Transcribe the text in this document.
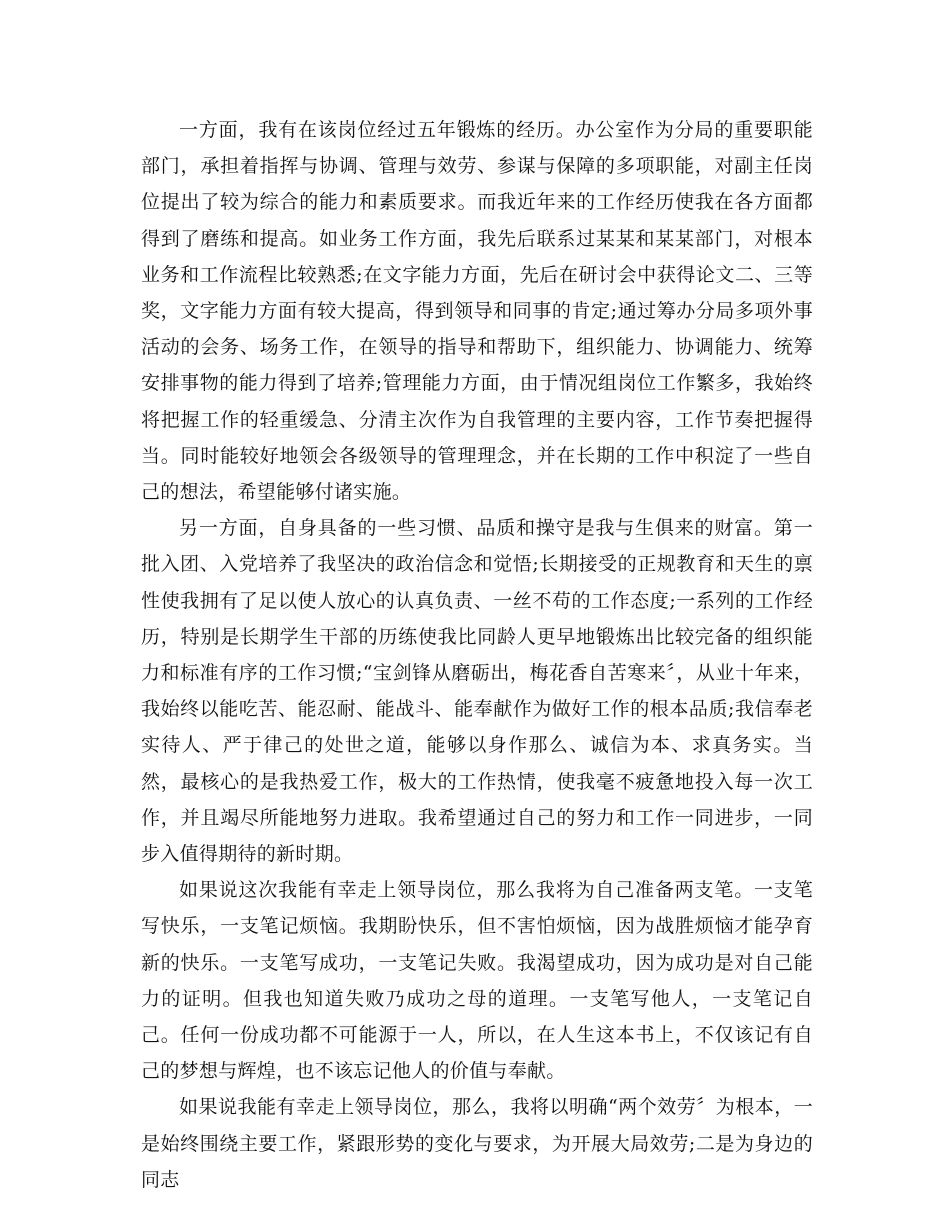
一方面，我有在该岗位经过五年锻炼的经历。办公室作为分局的重要职能部门，承担着指挥与协调、管理与效劳、参谋与保障的多项职能，对副主任岗位提出了较为综合的能力和素质要求。而我近年来的工作经历使我在各方面都得到了磨练和提高。如业务工作方面，我先后联系过某某和某某部门，对根本业务和工作流程比较熟悉;在文字能力方面，先后在研讨会中获得论文二、三等奖，文字能力方面有较大提高，得到领导和同事的肯定;通过筹办分局多项外事活动的会务、场务工作，在领导的指导和帮助下，组织能力、协调能力、统筹安排事物的能力得到了培养;管理能力方面，由于情况组岗位工作繁多，我始终将把握工作的轻重缓急、分清主次作为自我管理的主要内容，工作节奏把握得当。同时能较好地领会各级领导的管理理念，并在长期的工作中积淀了一些自己的想法，希望能够付诸实施。

另一方面，自身具备的一些习惯、品质和操守是我与生俱来的财富。第一批入团、入党培养了我坚决的政治信念和觉悟;长期接受的正规教育和天生的禀性使我拥有了足以使人放心的认真负责、一丝不苟的工作态度;一系列的工作经历，特别是长期学生干部的历练使我比同龄人更早地锻炼出比较完备的组织能力和标准有序的工作习惯;“宝剑锋从磨砺出，梅花香自苦寒来〞，从业十年来，我始终以能吃苦、能忍耐、能战斗、能奉献作为做好工作的根本品质;我信奉老实待人、严于律己的处世之道，能够以身作那么、诚信为本、求真务实。当然，最核心的是我热爱工作，极大的工作热情，使我毫不疲惫地投入每一次工作，并且竭尽所能地努力进取。我希望通过自己的努力和工作一同进步，一同步入值得期待的新时期。

如果说这次我能有幸走上领导岗位，那么我将为自己准备两支笔。一支笔写快乐，一支笔记烦恼。我期盼快乐，但不害怕烦恼，因为战胜烦恼才能孕育新的快乐。一支笔写成功，一支笔记失败。我渴望成功，因为成功是对自己能力的证明。但我也知道失败乃成功之母的道理。一支笔写他人，一支笔记自己。任何一份成功都不可能源于一人，所以，在人生这本书上，不仅该记有自己的梦想与辉煌，也不该忘记他人的价值与奉献。

如果说我能有幸走上领导岗位，那么，我将以明确“两个效劳〞为根本，一是始终围绕主要工作，紧跟形势的变化与要求，为开展大局效劳;二是为身边的同志
